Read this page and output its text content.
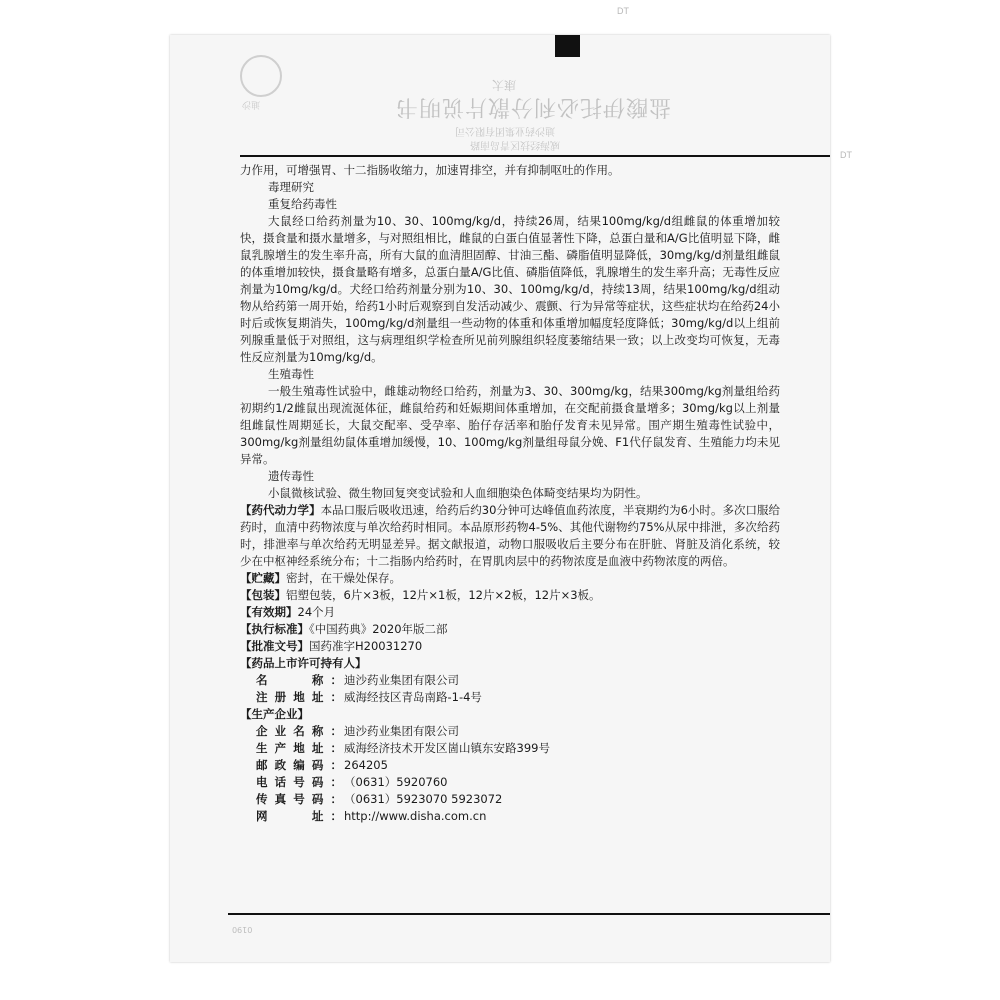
DT
DT
迪沙
康太
盐酸伊托必利分散片说明书
迪沙药业集团有限公司
威海经技区青岛南路

力作用，可增强胃、十二指肠收缩力，加速胃排空，并有抑制呕吐的作用。

毒理研究

重复给药毒性

大鼠经口给药剂量为10、30、100mg/kg/d，持续26周，结果100mg/kg/d组雌鼠的体重增加较快，摄食量和摄水量增多，与对照组相比，雌鼠的白蛋白值显著性下降，总蛋白量和A/G比值明显下降，雌鼠乳腺增生的发生率升高，所有大鼠的血清胆固醇、甘油三酯、磷脂值明显降低，30mg/kg/d剂量组雌鼠的体重增加较快，摄食量略有增多，总蛋白量A/G比值、磷脂值降低，乳腺增生的发生率升高；无毒性反应剂量为10mg/kg/d。犬经口给药剂量分别为10、30、100mg/kg/d，持续13周，结果100mg/kg/d组动物从给药第一周开始，给药1小时后观察到自发活动减少、震颤、行为异常等症状，这些症状均在给药24小时后或恢复期消失，100mg/kg/d剂量组一些动物的体重和体重增加幅度轻度降低；30mg/kg/d以上组前列腺重量低于对照组，这与病理组织学检查所见前列腺组织轻度萎缩结果一致；以上改变均可恢复，无毒性反应剂量为10mg/kg/d。

生殖毒性

一般生殖毒性试验中，雌雄动物经口给药，剂量为3、30、300mg/kg，结果300mg/kg剂量组给药初期约1/2雌鼠出现流涎体征，雌鼠给药和妊娠期间体重增加，在交配前摄食量增多；30mg/kg以上剂量组雌鼠性周期延长，大鼠交配率、受孕率、胎仔存活率和胎仔发育未见异常。围产期生殖毒性试验中，300mg/kg剂量组幼鼠体重增加缓慢，10、100mg/kg剂量组母鼠分娩、F1代仔鼠发育、生殖能力均未见异常。

遗传毒性

小鼠微核试验、微生物回复突变试验和人血细胞染色体畸变结果均为阴性。

【药代动力学】本品口服后吸收迅速，给药后约30分钟可达峰值血药浓度，半衰期约为6小时。多次口服给药时，血清中药物浓度与单次给药时相同。本品原形药物4-5%、其他代谢物约75%从尿中排泄，多次给药时，排泄率与单次给药无明显差异。据文献报道，动物口服吸收后主要分布在肝脏、肾脏及消化系统，较少在中枢神经系统分布；十二指肠内给药时，在胃肌肉层中的药物浓度是血液中药物浓度的两倍。

【贮藏】密封，在干燥处保存。

【包装】铝塑包装，6片×3板，12片×1板，12片×2板，12片×3板。

【有效期】24个月

【执行标准】《中国药典》2020年版二部

【批准文号】国药准字H20031270

【药品上市许可持有人】

名　　称： 迪沙药业集团有限公司

注册地址： 威海经技区青岛南路-1-4号

【生产企业】

企业名称： 迪沙药业集团有限公司

生产地址： 威海经济技术开发区崮山镇东安路399号

邮政编码： 264205

电话号码： （0631）5920760

传真号码： （0631）5923070 5923072

网　　址： http://www.disha.com.cn

0190
